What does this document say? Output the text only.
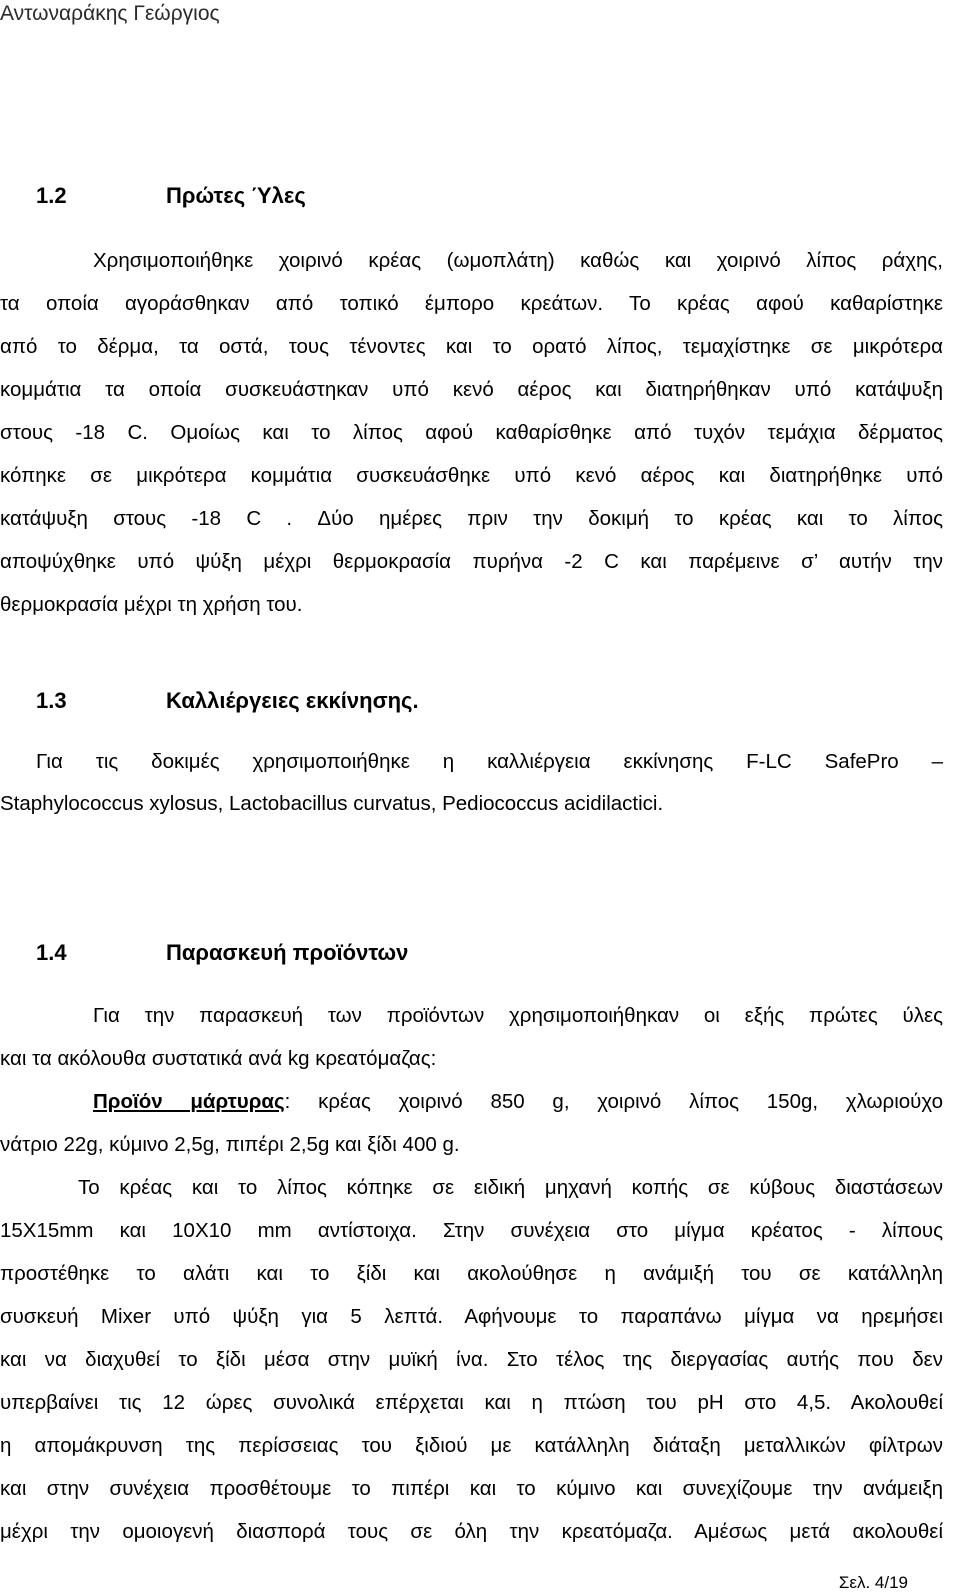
Αντωναράκης Γεώργιος
1.2	Πρώτες Ύλες
Χρησιμοποιήθηκε χοιρινό κρέας (ωμοπλάτη) καθώς και χοιρινό λίπος ράχης,
τα οποία αγοράσθηκαν από τοπικό έμπορο κρεάτων. Το κρέας αφού καθαρίστηκε
από το δέρμα, τα οστά, τους τένοντες και το ορατό λίπος, τεμαχίστηκε σε μικρότερα
κομμάτια τα οποία συσκευάστηκαν υπό κενό αέρος και διατηρήθηκαν υπό κατάψυξη
στους -18 C. Ομοίως και το λίπος αφού καθαρίσθηκε από τυχόν τεμάχια δέρματος
κόπηκε σε μικρότερα κομμάτια συσκευάσθηκε υπό κενό αέρος και διατηρήθηκε υπό
κατάψυξη στους -18 C . Δύο ημέρες πριν την δοκιμή το κρέας και το λίπος
αποψύχθηκε υπό ψύξη μέχρι θερμοκρασία πυρήνα -2 C και παρέμεινε σ’ αυτήν την
θερμοκρασία μέχρι τη χρήση του.
1.3	Καλλιέργειες εκκίνησης.
Για τις δοκιμές χρησιμοποιήθηκε η καλλιέργεια εκκίνησης F-LC SafePro –
Staphylococcus xylosus, Lactobacillus curvatus, Pediococcus acidilactici.
1.4	Παρασκευή προϊόντων
Για την παρασκευή των προϊόντων χρησιμοποιήθηκαν οι εξής πρώτες ύλες
και τα ακόλουθα συστατικά ανά kg κρεατόμαζας:
Προϊόν μάρτυρας: κρέας χοιρινό 850 g, χοιρινό λίπος 150g, χλωριούχο
νάτριο 22g, κύμινο 2,5g, πιπέρι 2,5g και ξίδι 400 g.
Το κρέας και το λίπος κόπηκε σε ειδική μηχανή κοπής σε κύβους διαστάσεων
15Χ15mm και 10Χ10 mm αντίστοιχα. Στην συνέχεια στο μίγμα κρέατος - λίπους
προστέθηκε το αλάτι και το ξίδι και ακολούθησε η ανάμιξή του σε κατάλληλη
συσκευή Mixer υπό ψύξη για 5 λεπτά. Αφήνουμε το παραπάνω μίγμα να ηρεμήσει
και να διαχυθεί το ξίδι μέσα στην μυϊκή ίνα. Στο τέλος της διεργασίας αυτής που δεν
υπερβαίνει τις 12 ώρες συνολικά επέρχεται και η πτώση του pH στο 4,5. Ακολουθεί
η απομάκρυνση της περίσσειας του ξιδιού με κατάλληλη διάταξη μεταλλικών φίλτρων
και στην συνέχεια προσθέτουμε το πιπέρι και το κύμινο και συνεχίζουμε την ανάμειξη
μέχρι την ομοιογενή διασπορά τους σε όλη την κρεατόμαζα. Αμέσως μετά ακολουθεί
Σελ. 4/19
